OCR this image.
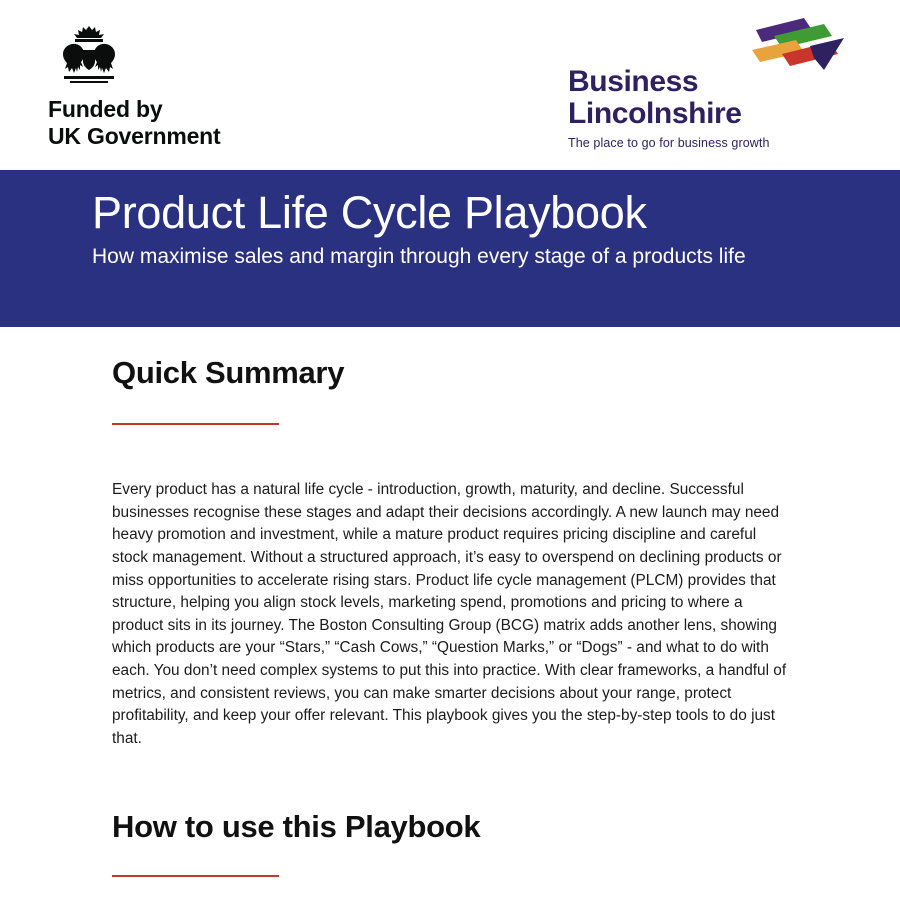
Funded by
UK Government
Business
Lincolnshire
The place to go for business growth
Product Life Cycle Playbook
How maximise sales and margin through every stage of a products life
Quick Summary

Every product has a natural life cycle - introduction, growth, maturity, and decline. Successful businesses recognise these stages and adapt their decisions accordingly. A new launch may need heavy promotion and investment, while a mature product requires pricing discipline and careful stock management. Without a structured approach, it’s easy to overspend on declining products or miss opportunities to accelerate rising stars. Product life cycle management (PLCM) provides that structure, helping you align stock levels, marketing spend, promotions and pricing to where a product sits in its journey. The Boston Consulting Group (BCG) matrix adds another lens, showing which products are your “Stars,” “Cash Cows,” “Question Marks,” or “Dogs” - and what to do with each. You don’t need complex systems to put this into practice. With clear frameworks, a handful of metrics, and consistent reviews, you can make smarter decisions about your range, protect profitability, and keep your offer relevant. This playbook gives you the step-by-step tools to do just that.

How to use this Playbook
